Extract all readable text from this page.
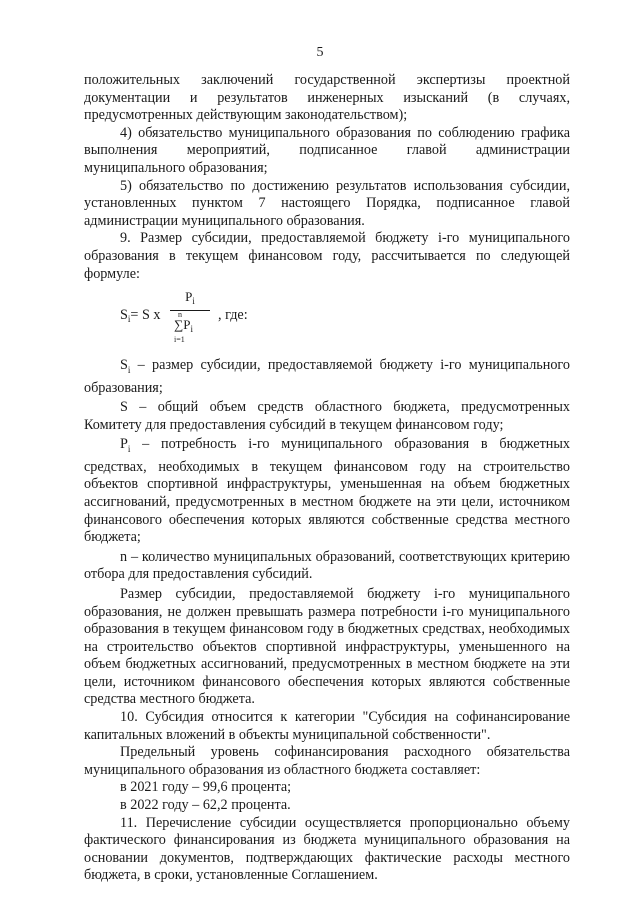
5

положительных заключений государственной экспертизы проектной документации и результатов инженерных изысканий (в случаях, предусмотренных действующим законодательством);

4) обязательство муниципального образования по соблюдению графика выполнения мероприятий, подписанное главой администрации муниципального образования;

5) обязательство по достижению результатов использования субсидии, установленных пунктом 7 настоящего Порядка, подписанное главой администрации муниципального образования.

9. Размер субсидии, предоставляемой бюджету i-го муниципального образования в текущем финансовом году, рассчитывается по следующей формуле:

$S_i= S$ x $P_i$
n
$\sum P_i$
i=1 , где:

$S_i$ – размер субсидии, предоставляемой бюджету i-го муниципального образования;

S – общий объем средств областного бюджета, предусмотренных Комитету для предоставления субсидий в текущем финансовом году;

$P_i$ – потребность i-го муниципального образования в бюджетных средствах, необходимых в текущем финансовом году на строительство объектов спортивной инфраструктуры, уменьшенная на объем бюджетных ассигнований, предусмотренных в местном бюджете на эти цели, источником финансового обеспечения которых являются собственные средства местного бюджета;

n – количество муниципальных образований, соответствующих критерию отбора для предоставления субсидий.

Размер субсидии, предоставляемой бюджету i-го муниципального образования, не должен превышать размера потребности i-го муниципального образования в текущем финансовом году в бюджетных средствах, необходимых на строительство объектов спортивной инфраструктуры, уменьшенного на объем бюджетных ассигнований, предусмотренных в местном бюджете на эти цели, источником финансового обеспечения которых являются собственные средства местного бюджета.

10. Субсидия относится к категории "Субсидия на софинансирование капитальных вложений в объекты муниципальной собственности".

Предельный уровень софинансирования расходного обязательства муниципального образования из областного бюджета составляет:

в 2021 году – 99,6 процента;

в 2022 году – 62,2 процента.

11. Перечисление субсидии осуществляется пропорционально объему фактического финансирования из бюджета муниципального образования на основании документов, подтверждающих фактические расходы местного бюджета, в сроки, установленные Соглашением.
